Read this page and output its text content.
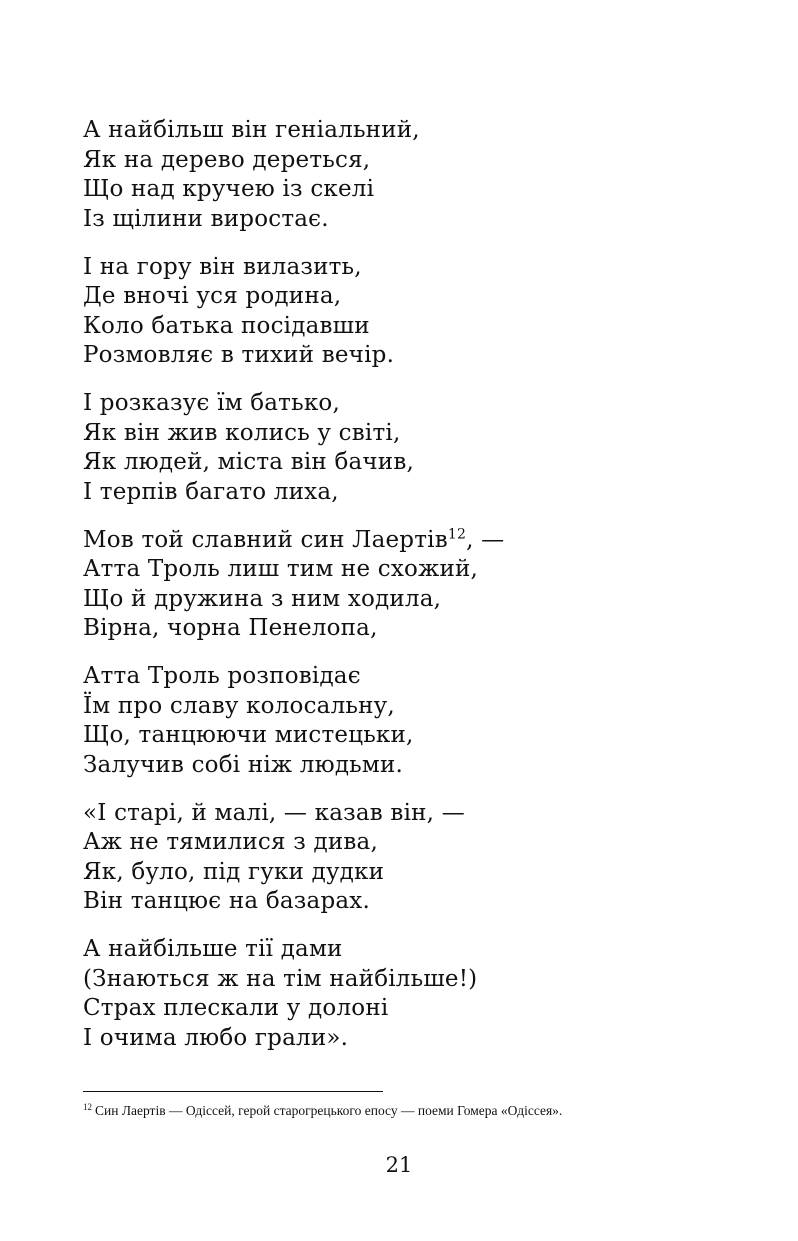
А найбільш він геніальний,
Як на дерево дереться,
Що над кручею із скелі
Із щілини виростає.
І на гору він вилазить,
Де вночі уся родина,
Коло батька посідавши
Розмовляє в тихий вечір.
І розказує їм батько,
Як він жив колись у світі,
Як людей, міста він бачив,
І терпів багато лиха,
Мов той славний син Лаертів$^{12}$, —
Атта Троль лиш тим не схожий,
Що й дружина з ним ходила,
Вірна, чорна Пенелопа,
Атта Троль розповідає
Їм про славу колосальну,
Що, танцюючи мистецьки,
Залучив собі ніж людьми.
«І старі, й малі, — казав він, —
Аж не тямилися з дива,
Як, було, під гуки дудки
Він танцює на базарах.
А найбільше тії дами
(Знаються ж на тім найбільше!)
Страх плескали у долоні
І очима любо грали».
$^{12}$ Син Лаертів — Одіссей, герой старогрецького епосу — поеми Гомера «Одіссея».
21
